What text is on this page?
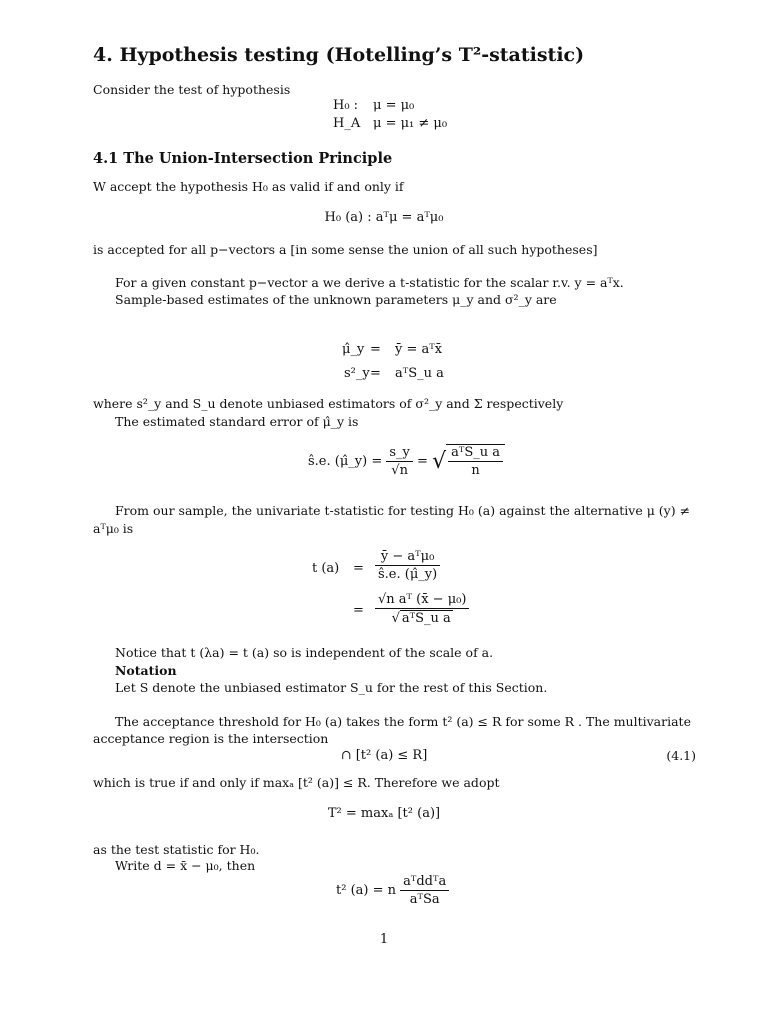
4. Hypothesis testing (Hotelling’s T²-statistic)
Consider the test of hypothesis
H₀ : μ = μ₀
H_A μ = μ₁ ≠ μ₀
4.1 The Union-Intersection Principle
W accept the hypothesis H₀ as valid if and only if
H₀ (a) : aᵀμ = aᵀμ₀
is accepted for all p−vectors a [in some sense the union of all such hypotheses]
For a given constant p−vector a we derive a t-statistic for the scalar r.v. y = aᵀx.
Sample-based estimates of the unknown parameters μ_y and σ²_y are
μ̂_y = ȳ = aᵀx̄
s²_y = aᵀS_u a
where s²_y and S_u denote unbiased estimators of σ²_y and Σ respectively
The estimated standard error of μ̂_y is
ŝ.e. (μ̂_y) = $\frac{s\_y}{√n}$ = √ $\frac{\text{aᵀS\_u a}}{n}$
From our sample, the univariate t-statistic for testing H₀ (a) against the alternative μ (y) ≠
aᵀμ₀ is
t $(a) = \frac{\text{ȳ − aᵀμ₀}}{ŝ.e. (\mû\_y)}$
= $\frac{\text{√n aᵀ (x̄ − μ₀)}}{\text{√ aᵀS\_u a}}$
Notice that t (λa) = t (a) so is independent of the scale of a.
Notation
Let S denote the unbiased estimator S_u for the rest of this Section.
The acceptance threshold for H₀ (a) takes the form t² (a) ≤ R for some R . The multivariate
acceptance region is the intersection
∩ [t² (a) ≤ R]	(4.1)
which is true if and only if maxₐ [t² (a)] ≤ R. Therefore we adopt
T² = maxₐ [t² (a)]
as the test statistic for H₀.
Write d = x̄ − μ₀, then
t² (a) = n $\frac{\text{aᵀddᵀa}}{\text{aᵀSa}}$
1
